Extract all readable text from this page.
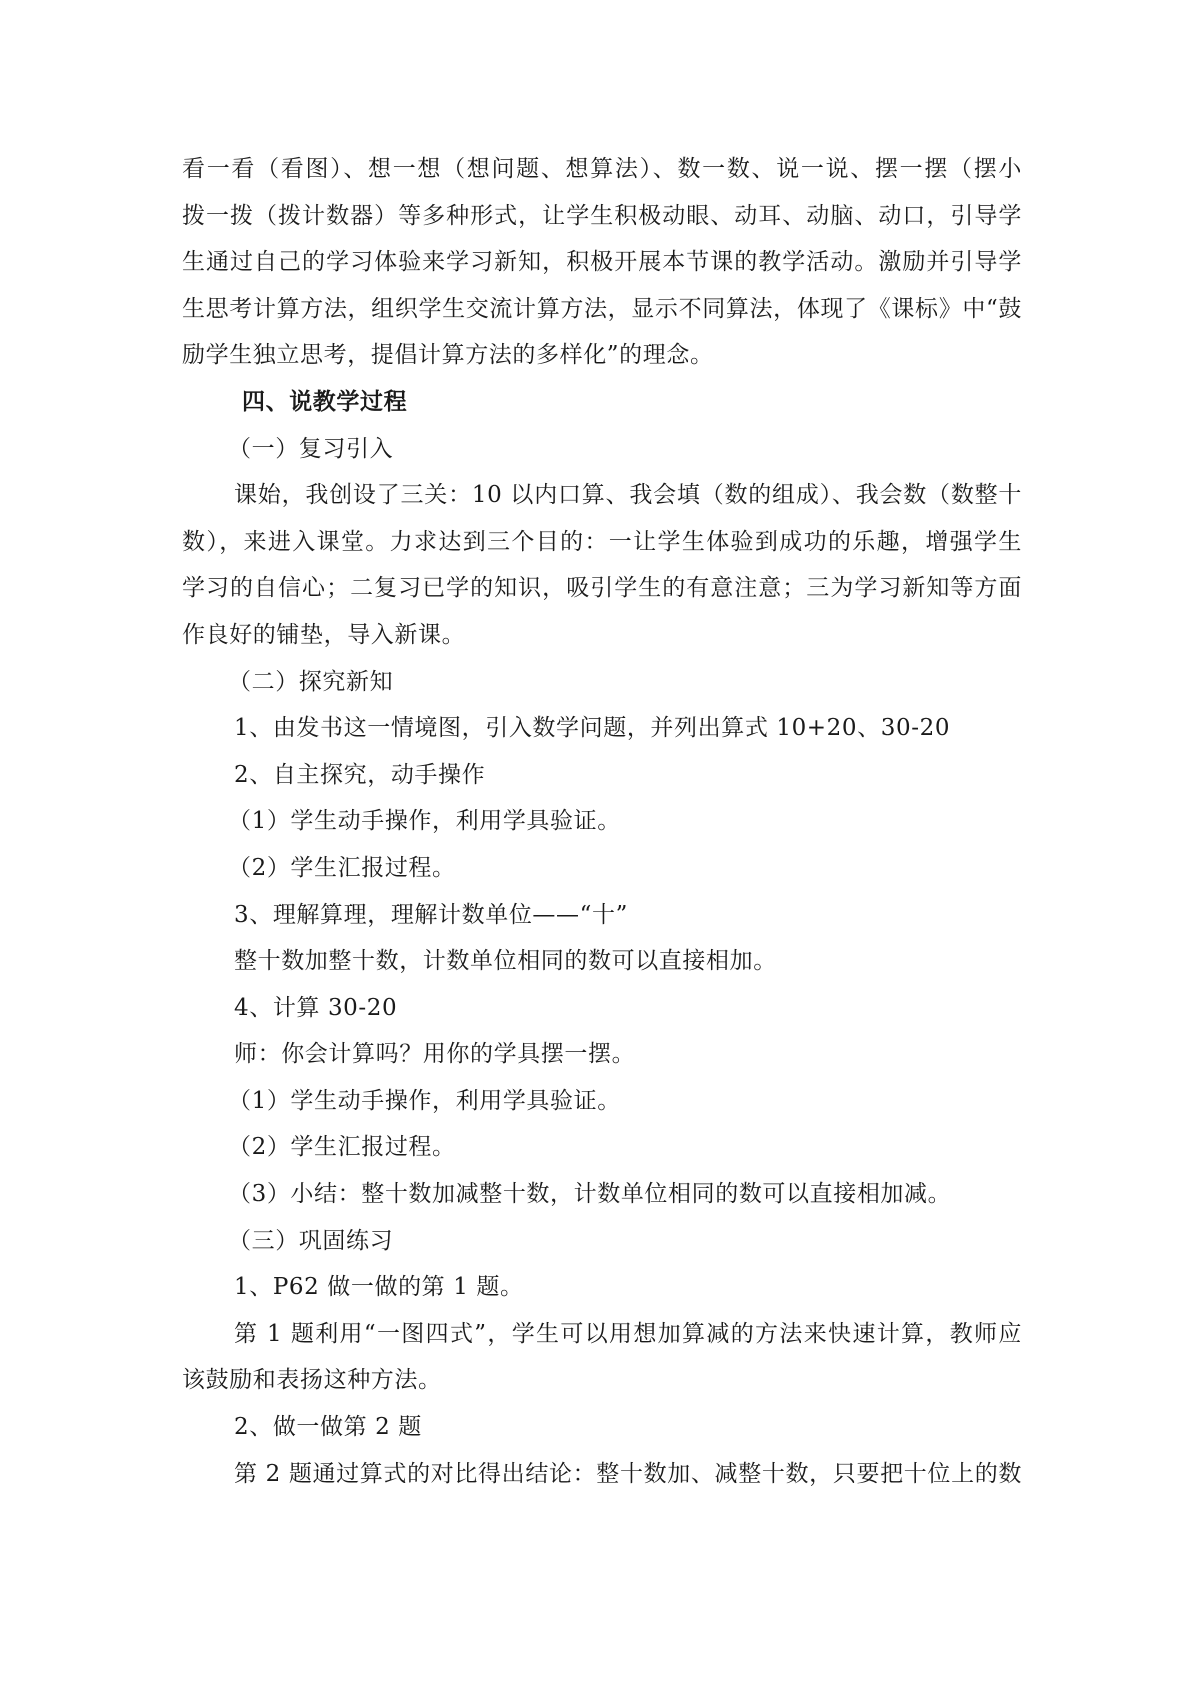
看一看（看图）、想一想（想问题、想算法）、数一数、说一说、摆一摆（摆小
拨一拨（拨计数器）等多种形式，让学生积极动眼、动耳、动脑、动口，引导学
生通过自己的学习体验来学习新知，积极开展本节课的教学活动。激励并引导学
生思考计算方法，组织学生交流计算方法，显示不同算法，体现了《课标》中“鼓
励学生独立思考，提倡计算方法的多样化”的理念。
四、说教学过程
（一）复习引入
课始，我创设了三关：10 以内口算、我会填（数的组成）、我会数（数整十
数），来进入课堂。力求达到三个目的：一让学生体验到成功的乐趣，增强学生
学习的自信心；二复习已学的知识，吸引学生的有意注意；三为学习新知等方面
作良好的铺垫，导入新课。
（二）探究新知
1、由发书这一情境图，引入数学问题，并列出算式 10+20、30-20
2、自主探究，动手操作
（1）学生动手操作，利用学具验证。
（2）学生汇报过程。
3、理解算理，理解计数单位——“十”
整十数加整十数，计数单位相同的数可以直接相加。
4、计算 30-20
师：你会计算吗？用你的学具摆一摆。
（1）学生动手操作，利用学具验证。
（2）学生汇报过程。
（3）小结：整十数加减整十数，计数单位相同的数可以直接相加减。
（三）巩固练习
1、P62 做一做的第 1 题。
第 1 题利用“一图四式”，学生可以用想加算减的方法来快速计算，教师应
该鼓励和表扬这种方法。
2、做一做第 2 题
第 2 题通过算式的对比得出结论：整十数加、减整十数，只要把十位上的数
